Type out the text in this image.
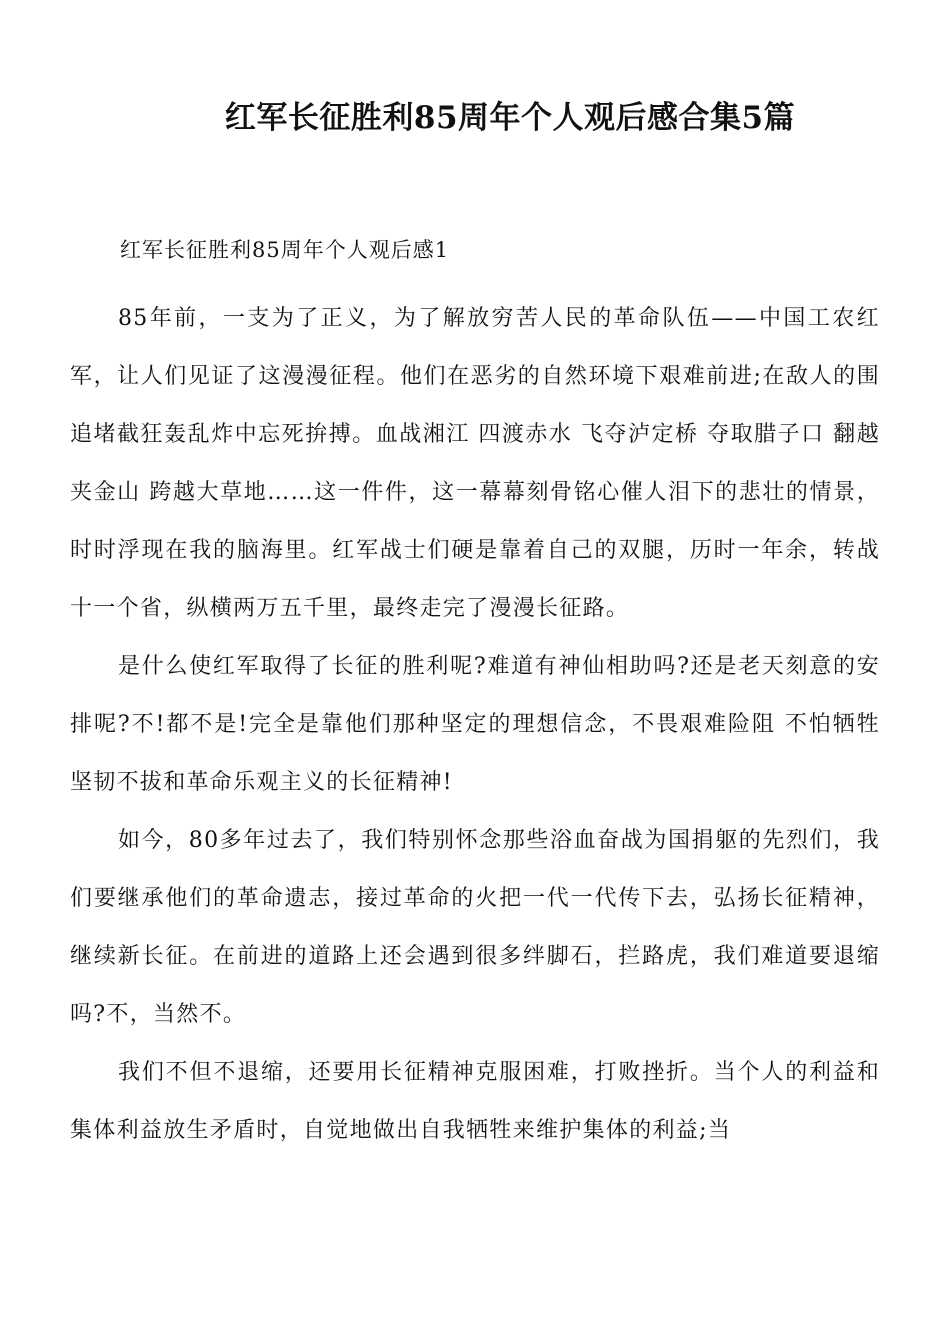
红军长征胜利85周年个人观后感合集5篇

红军长征胜利85周年个人观后感1

85年前，一支为了正义，为了解放穷苦人民的革命队伍——中国工农红军，让人们见证了这漫漫征程。他们在恶劣的自然环境下艰难前进;在敌人的围追堵截狂轰乱炸中忘死拚搏。血战湘江 四渡赤水 飞夺泸定桥 夺取腊子口 翻越夹金山 跨越大草地……这一件件，这一幕幕刻骨铭心催人泪下的悲壮的情景，时时浮现在我的脑海里。红军战士们硬是靠着自己的双腿，历时一年余，转战十一个省，纵横两万五千里，最终走完了漫漫长征路。

是什么使红军取得了长征的胜利呢?难道有神仙相助吗?还是老天刻意的安排呢?不!都不是!完全是靠他们那种坚定的理想信念，不畏艰难险阻 不怕牺牲坚韧不拔和革命乐观主义的长征精神!

如今，80多年过去了，我们特别怀念那些浴血奋战为国捐躯的先烈们，我们要继承他们的革命遗志，接过革命的火把一代一代传下去，弘扬长征精神，继续新长征。在前进的道路上还会遇到很多绊脚石，拦路虎，我们难道要退缩吗?不，当然不。

我们不但不退缩，还要用长征精神克服困难，打败挫折。当个人的利益和集体利益放生矛盾时，自觉地做出自我牺牲来维护集体的利益;当
